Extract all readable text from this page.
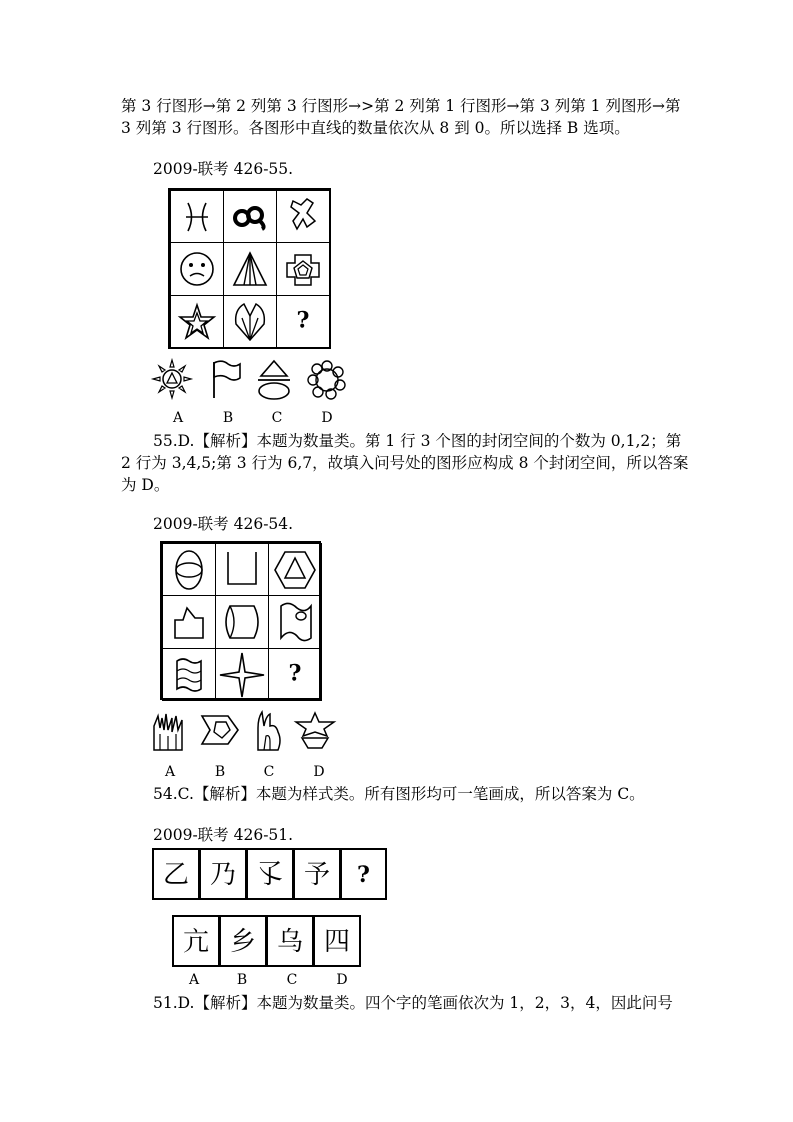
第 3 行图形→第 2 列第 3 行图形→>第 2 列第 1 行图形→第 3 列第 1 列图形→第
3 列第 3 行图形。各图形中直线的数量依次从 8 到 0。所以选择 B 选项。
2009-联考 426-55.
?
A	B	C	D
55.D.【解析】本题为数量类。第 1 行 3 个图的封闭空间的个数为 0,1,2；第
2 行为 3,4,5;第 3 行为 6,7，故填入问号处的图形应构成 8 个封闭空间，所以答案
为 D。
2009-联考 426-54.
?
A	B	C	D
54.C.【解析】本题为样式类。所有图形均可一笔画成，所以答案为 C。
2009-联考 426-51.
乙 乃 孓 予	?
亢 乡 乌 四
A	B	C	D
51.D.【解析】本题为数量类。四个字的笔画依次为 1，2，3，4，因此问号
